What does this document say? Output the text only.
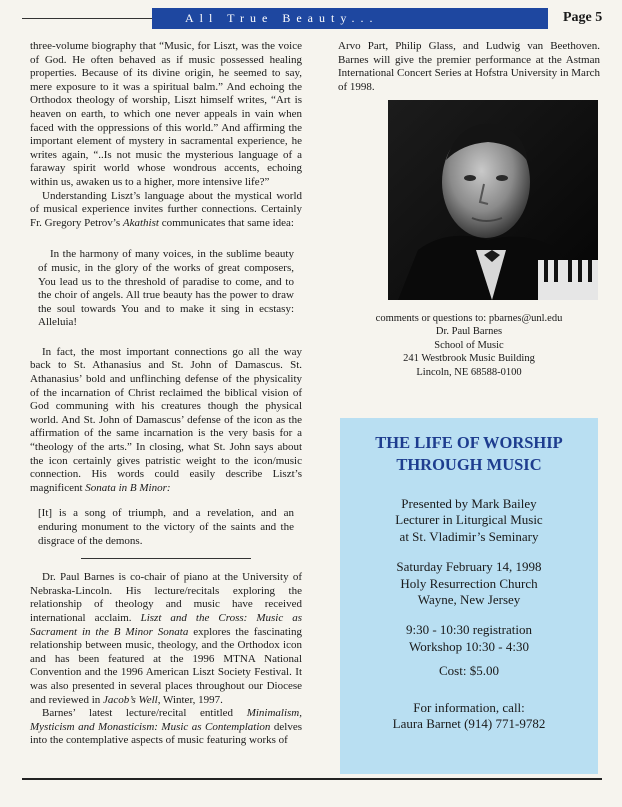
All True Beauty...	Page 5

three-volume biography that “Music, for Liszt, was the voice of God. He often behaved as if music possessed healing properties. Because of its divine origin, he seemed to say, mere exposure to it was a spiritual balm.” And echoing the Orthodox theology of worship, Liszt himself writes, “Art is heaven on earth, to which one never appeals in vain when faced with the oppressions of this world.” And affirming the important element of mystery in sacramental experience, he writes again, “..Is not music the mysterious language of a faraway spirit world whose wondrous accents, echoing within us, awaken us to a higher, more intensive life?”

Understanding Liszt’s language about the mystical world of musical experience invites further connections. Certainly Fr. Gregory Petrov’s Akathist communicates that same idea:

In the harmony of many voices, in the sublime beauty of music, in the glory of the works of great composers, You lead us to the threshold of paradise to come, and to the choir of angels. All true beauty has the power to draw the soul towards You and to make it sing in ecstasy: Alleluia!

In fact, the most important connections go all the way back to St. Athanasius and St. John of Damascus. St. Athanasius’ bold and unflinching defense of the physicality of the incarnation of Christ reclaimed the biblical vision of God communing with his creatures though the physical world. And St. John of Damascus’ defense of the icon as the affirmation of the same incarnation is the very basis for a “theology of the arts.” In closing, what St. John says about the icon certainly gives patristic weight to the icon/music connection. His words could easily describe Liszt’s magnificent Sonata in B Minor:

[It] is a song of triumph, and a revelation, and an enduring monument to the victory of the saints and the disgrace of the demons.

Dr. Paul Barnes is co-chair of piano at the University of Nebraska-Lincoln. His lecture/recitals exploring the relationship of theology and music have received international acclaim. Liszt and the Cross: Music as Sacrament in the B Minor Sonata explores the fascinating relationship between music, theology, and the Orthodox icon and has been featured at the 1996 MTNA National Convention and the 1996 American Liszt Society Festival. It was also presented in several places throughout our Diocese and reviewed in Jacob’s Well, Winter, 1997.

Barnes’ latest lecture/recital entitled Minimalism, Mysticism and Monasticism: Music as Contemplation delves into the contemplative aspects of music featuring works of

Arvo Part, Philip Glass, and Ludwig van Beethoven. Barnes will give the premier performance at the Astman International Concert Series at Hofstra University in March of 1998.

comments or questions to: pbarnes@unl.edu
Dr. Paul Barnes
School of Music
241 Westbrook Music Building
Lincoln, NE 68588-0100
THE LIFE OF WORSHIP
THROUGH MUSIC
Presented by Mark Bailey
Lecturer in Liturgical Music
at St. Vladimir’s Seminary
Saturday February 14, 1998
Holy Resurrection Church
Wayne, New Jersey
9:30 - 10:30 registration
Workshop 10:30 - 4:30
Cost: $5.00
For information, call:
Laura Barnet (914) 771-9782
